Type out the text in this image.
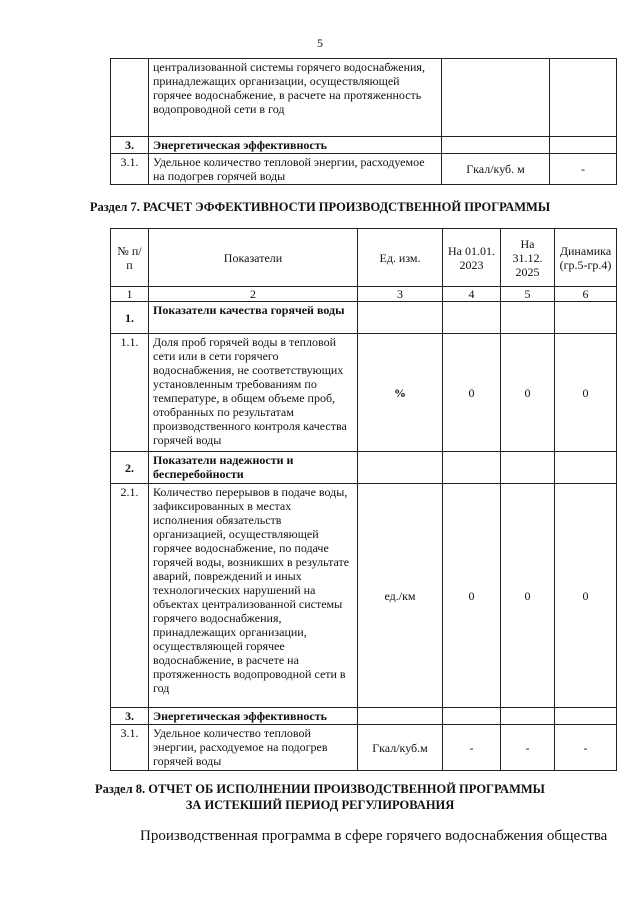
5
	централизованной системы горячего водоснабжения, принадлежащих организации, осуществляющей горячее водоснабжение, в расчете на протяженность водопроводной сети в год		
3.	Энергетическая эффективность		
3.1.	Удельное количество тепловой энергии, расходуемое на подогрев горячей воды	Гкал/куб. м	-
Раздел 7. РАСЧЕТ ЭФФЕКТИВНОСТИ ПРОИЗВОДСТВЕННОЙ ПРОГРАММЫ
№ п/п	Показатели	Ед. изм.	На 01.01. 2023	На 31.12. 2025	Динамика (гр.5-гр.4)
1	2	3	4	5	6
1.	Показатели качества горячей воды				
1.1.	Доля проб горячей воды в тепловой сети или в сети горячего водоснабжения, не соответствующих установленным требованиям по температуре, в общем объеме проб, отобранных по результатам производственного контроля качества горячей воды	%	0	0	0
2.	Показатели надежности и бесперебойности				
2.1.	Количество перерывов в подаче воды, зафиксированных в местах исполнения обязательств организацией, осуществляющей горячее водоснабжение, по подаче горячей воды, возникших в результате аварий, повреждений и иных технологических нарушений на объектах централизованной системы горячего водоснабжения, принадлежащих организации, осуществляющей горячее водоснабжение, в расчете на протяженность водопроводной сети в год	ед./км	0	0	0
3.	Энергетическая эффективность				
3.1.	Удельное количество тепловой энергии, расходуемое на подогрев горячей воды	Гкал/куб.м	-	-	-
Раздел 8. ОТЧЕТ ОБ ИСПОЛНЕНИИ ПРОИЗВОДСТВЕННОЙ ПРОГРАММЫ
ЗА ИСТЕКШИЙ ПЕРИОД РЕГУЛИРОВАНИЯ
Производственная программа в сфере горячего водоснабжения общества
